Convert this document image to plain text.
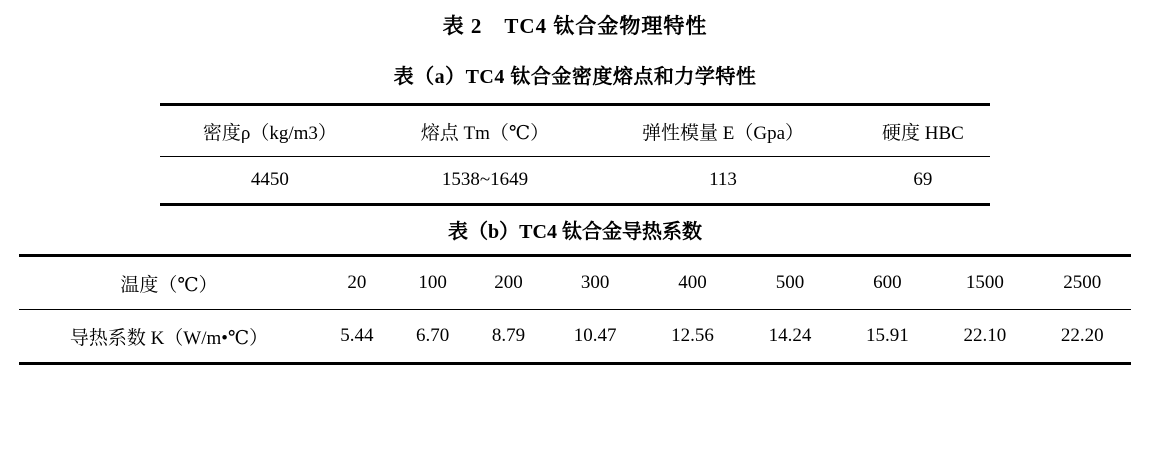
表 2　TC4 钛合金物理特性
表（a）TC4 钛合金密度熔点和力学特性
密度ρ（kg/m3）	熔点 Tm（℃）	弹性模量 E（Gpa）	硬度 HBC
4450	1538~1649	113	69

表（b）TC4 钛合金导热系数
温度（℃）	20	100	200	300	400	500	600	1500	2500
导热系数 K（W/m•℃）	5.44	6.70	8.79	10.47	12.56	14.24	15.91	22.10	22.20
